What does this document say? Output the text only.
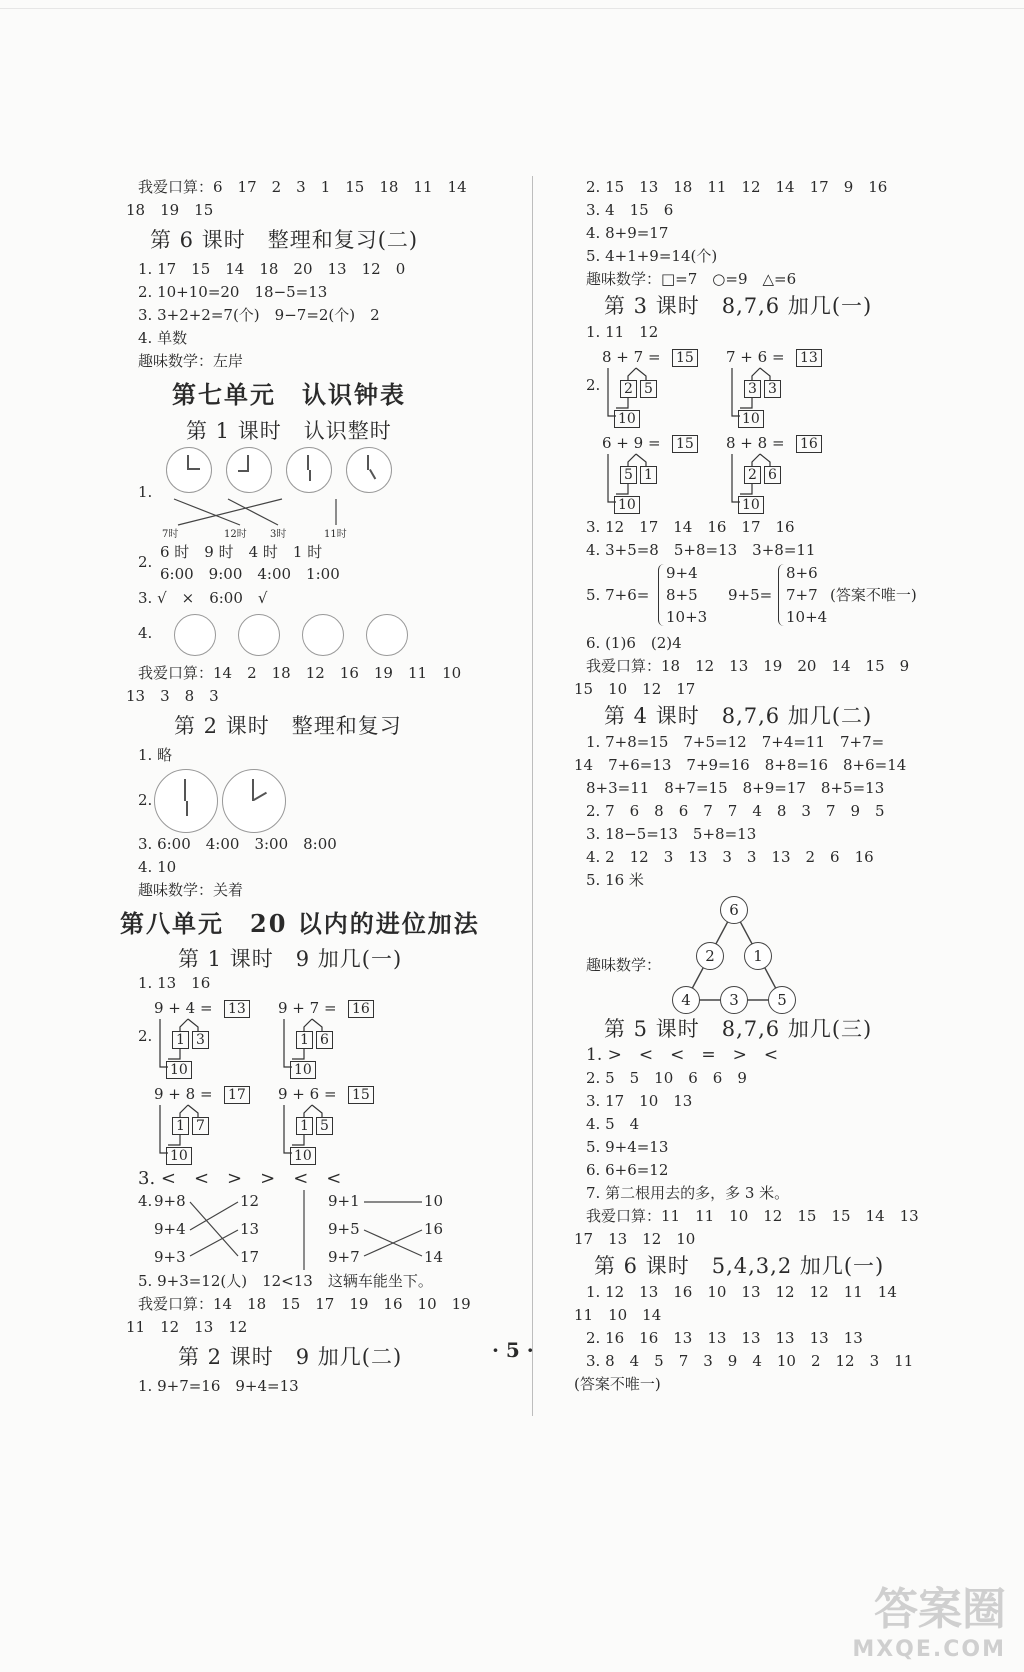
我爱口算：6　17　2　3　1　15　18　11　14
18　19　15
第 6 课时　整理和复习(二)
1. 17　15　14　18　20　13　12　0
2. 10+10=20　18−5=13
3. 3+2+2=7(个)　9−7=2(个)　2
4. 单数
趣味数学：左岸
第七单元　认识钟表
第 1 课时　认识整时
1.
7时	12时 3时	11时
2.
6 时　9 时　4 时　1 时
6:00　9:00　4:00　1:00
3. √　×　6:00　√
4.
我爱口算：14　2　18　12　16　19　11　10
13　3　8　3
第 2 课时　整理和复习
1. 略
2.
3. 6:00　4:00　3:00　8:00
4. 10
趣味数学：关着
第八单元　20 以内的进位加法
第 1 课时　9 加几(一)
1. 13　16
2.
9 + 4 = 13
1 3
10
9 + 7 = 16
1 6
10
9 + 8 = 17
1 7
10
9 + 6 = 15
1 5
10
3. <　<　>　>　<　<
4. 9+8
9+4
9+3
12
13
17
9+1
9+5
9+7
10
16
14
5. 9+3=12(人)　12<13　这辆车能坐下。
我爱口算：14　18　15　17　19　16　10　19
11　12　13　12
第 2 课时　9 加几(二)
1. 9+7=16　9+4=13
2. 15　13　18　11　12　14　17　9　16
3. 4　15　6
4. 8+9=17
5. 4+1+9=14(个)
趣味数学：□=7　○=9　△=6
第 3 课时　8,7,6 加几(一)
1. 11　12
2.
8 + 7 = 15
2 5
10
7 + 6 = 13
3 3
10
6 + 9 = 15
5 1
10
8 + 8 = 16
2 6
10
3. 12　17　14　16　17　16
4. 3+5=8　5+8=13　3+8=11
5. 7+6=
9+4
8+5
10+3
9+5=
8+6
7+7
10+4
(答案不唯一)
6. (1)6　(2)4
我爱口算：18　12　13　19　20　14　15　9
15　10　12　17
第 4 课时　8,7,6 加几(二)
1. 7+8=15　7+5=12　7+4=11　7+7=
14　7+6=13　7+9=16　8+8=16　8+6=14
8+3=11　8+7=15　8+9=17　8+5=13
2. 7　6　8　6　7　7　4　8　3　7　9　5
3. 18−5=13　5+8=13
4. 2　12　3　13　3　3　13　2　6　16
5. 16 米
趣味数学：
6
2	1
4	3	5
第 5 课时　8,7,6 加几(三)
1. >　<　<　=　>　<
2. 5　5　10　6　6　9
3. 17　10　13
4. 5　4
5. 9+4=13
6. 6+6=12
7. 第二根用去的多，多 3 米。
我爱口算：11　11　10　12　15　15　14　13
17　13　12　10
第 6 课时　5,4,3,2 加几(一)
1. 12　13　16　10　13　12　12　11　14
11　10　14
2. 16　16　13　13　13　13　13　13
3. 8　4　5　7　3　9　4　10　2　12　3　11
(答案不唯一)
· 5 ·
答案圈
MXQE.COM
